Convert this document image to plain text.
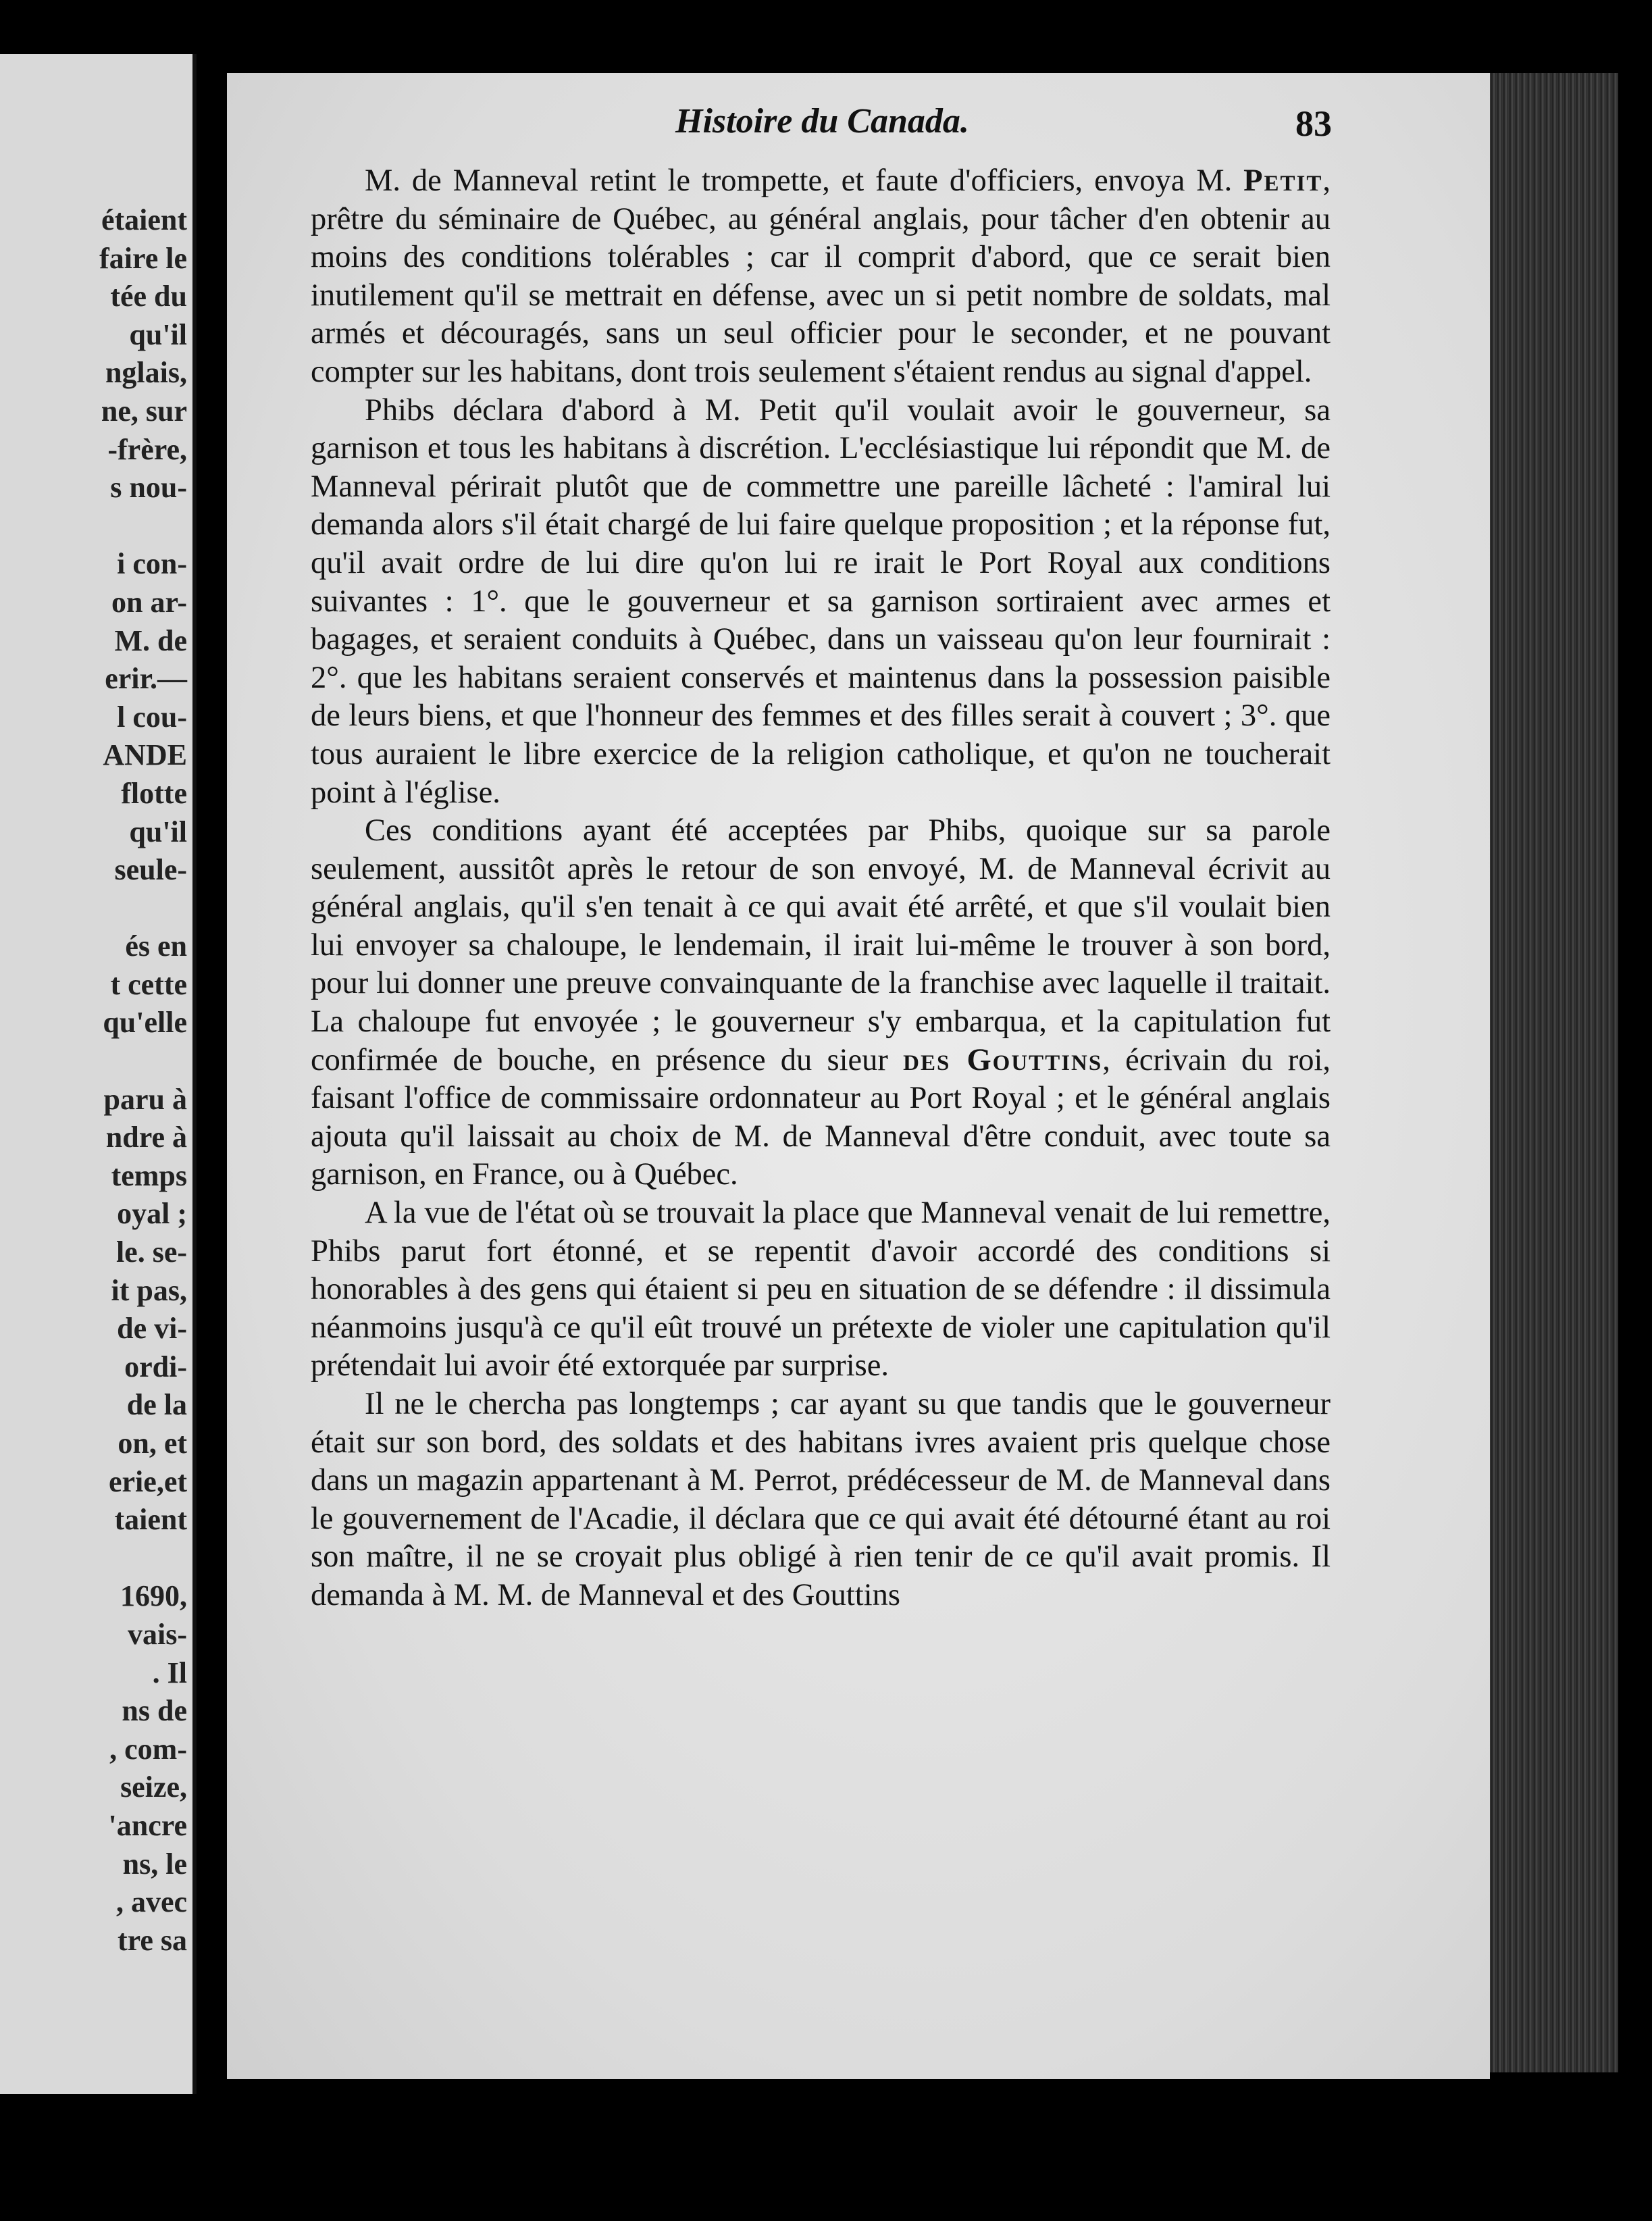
étaient
faire le
tée du
qu'il
nglais,
ne, sur
-frère,
s nou-
i con-
on ar-
M. de
erir.—
l cou-
ANDE
flotte
qu'il
seule-
és en
t cette
qu'elle
paru à
ndre à
temps
oyal ;
le. se-
it pas,
de vi-
ordi-
de la
on, et
erie,et
taient
1690,
vais-
. Il
ns de
, com-
seize,
'ancre
ns, le
, avec
tre sa
Histoire du Canada.	83

M. de Manneval retint le trompette, et faute d'officiers, envoya M. Petit, prêtre du séminaire de Québec, au général anglais, pour tâcher d'en obtenir au moins des conditions tolérables ; car il comprit d'abord, que ce serait bien inutilement qu'il se mettrait en défense, avec un si petit nombre de soldats, mal armés et découragés, sans un seul officier pour le seconder, et ne pouvant compter sur les habitans, dont trois seulement s'étaient rendus au signal d'appel.

Phibs déclara d'abord à M. Petit qu'il voulait avoir le gouverneur, sa garnison et tous les habitans à discrétion. L'ecclésiastique lui répondit que M. de Manneval périrait plutôt que de commettre une pareille lâcheté : l'amiral lui demanda alors s'il était chargé de lui faire quelque proposition ; et la réponse fut, qu'il avait ordre de lui dire qu'on lui re irait le Port Royal aux conditions suivantes : 1°. que le gouverneur et sa garnison sortiraient avec armes et bagages, et seraient conduits à Québec, dans un vaisseau qu'on leur fournirait : 2°. que les habitans seraient conservés et maintenus dans la possession paisible de leurs biens, et que l'honneur des femmes et des filles serait à couvert ; 3°. que tous auraient le libre exercice de la religion catholique, et qu'on ne toucherait point à l'église.

Ces conditions ayant été acceptées par Phibs, quoique sur sa parole seulement, aussitôt après le retour de son envoyé, M. de Manneval écrivit au général anglais, qu'il s'en tenait à ce qui avait été arrêté, et que s'il voulait bien lui envoyer sa chaloupe, le lendemain, il irait lui-même le trouver à son bord, pour lui donner une preuve convainquante de la franchise avec laquelle il traitait. La chaloupe fut envoyée ; le gouverneur s'y embarqua, et la capitulation fut confirmée de bouche, en présence du sieur des Gouttins, écrivain du roi, faisant l'office de commissaire ordonnateur au Port Royal ; et le général anglais ajouta qu'il laissait au choix de M. de Manneval d'être conduit, avec toute sa garnison, en France, ou à Québec.

A la vue de l'état où se trouvait la place que Manneval venait de lui remettre, Phibs parut fort étonné, et se repentit d'avoir accordé des conditions si honorables à des gens qui étaient si peu en situation de se défendre : il dissimula néanmoins jusqu'à ce qu'il eût trouvé un prétexte de violer une capitulation qu'il prétendait lui avoir été extorquée par surprise.

Il ne le chercha pas longtemps ; car ayant su que tandis que le gouverneur était sur son bord, des soldats et des habitans ivres avaient pris quelque chose dans un magazin appartenant à M. Perrot, prédécesseur de M. de Manneval dans le gouvernement de l'Acadie, il déclara que ce qui avait été détourné étant au roi son maître, il ne se croyait plus obligé à rien tenir de ce qu'il avait promis. Il demanda à M. M. de Manneval et des Gouttins
